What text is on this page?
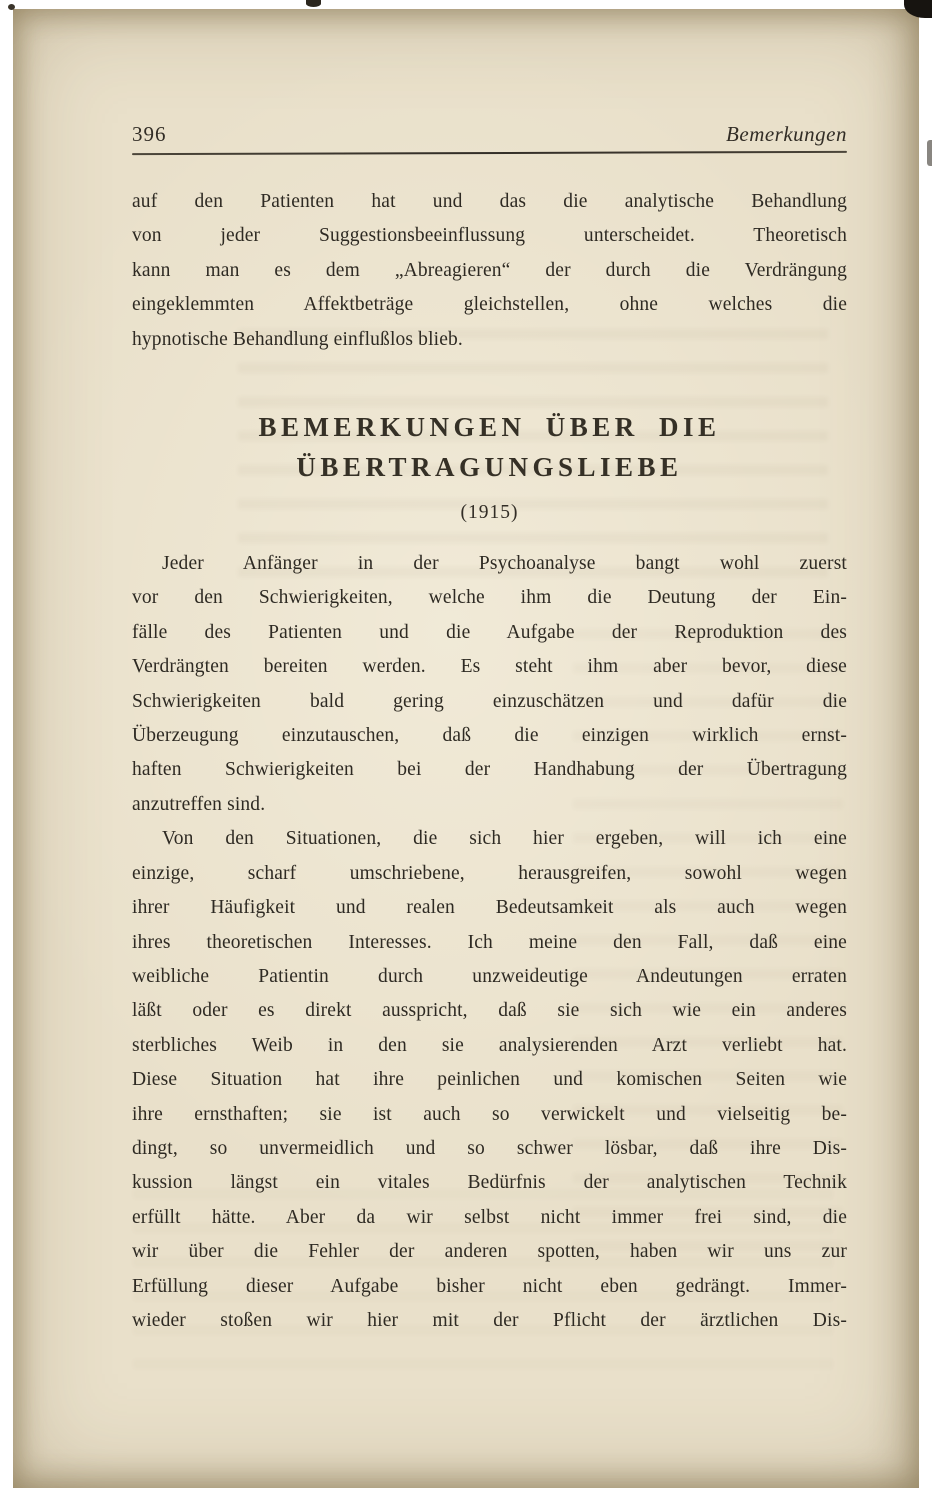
396	Bemerkungen

auf den Patienten hat und das die analytische Behandlung
von jeder Suggestionsbeeinflussung unterscheidet. Theoretisch
kann man es dem „Abreagieren“ der durch die Verdrängung
eingeklemmten Affektbeträge gleichstellen, ohne welches die
hypnotische Behandlung einflußlos blieb.

BEMERKUNGEN ÜBER DIE
ÜBERTRAGUNGSLIEBE
(1915)

Jeder Anfänger in der Psychoanalyse bangt wohl zuerst
vor den Schwierigkeiten, welche ihm die Deutung der Ein-
fälle des Patienten und die Aufgabe der Reproduktion des
Verdrängten bereiten werden. Es steht ihm aber bevor, diese
Schwierigkeiten bald gering einzuschätzen und dafür die
Überzeugung einzutauschen, daß die einzigen wirklich ernst-
haften Schwierigkeiten bei der Handhabung der Übertragung
anzutreffen sind.

Von den Situationen, die sich hier ergeben, will ich eine
einzige, scharf umschriebene, herausgreifen, sowohl wegen
ihrer Häufigkeit und realen Bedeutsamkeit als auch wegen
ihres theoretischen Interesses. Ich meine den Fall, daß eine
weibliche Patientin durch unzweideutige Andeutungen erraten
läßt oder es direkt ausspricht, daß sie sich wie ein anderes
sterbliches Weib in den sie analysierenden Arzt verliebt hat.
Diese Situation hat ihre peinlichen und komischen Seiten wie
ihre ernsthaften; sie ist auch so verwickelt und vielseitig be-
dingt, so unvermeidlich und so schwer lösbar, daß ihre Dis-
kussion längst ein vitales Bedürfnis der analytischen Technik
erfüllt hätte. Aber da wir selbst nicht immer frei sind, die
wir über die Fehler der anderen spotten, haben wir uns zur
Erfüllung dieser Aufgabe bisher nicht eben gedrängt. Immer-
wieder stoßen wir hier mit der Pflicht der ärztlichen Dis-
